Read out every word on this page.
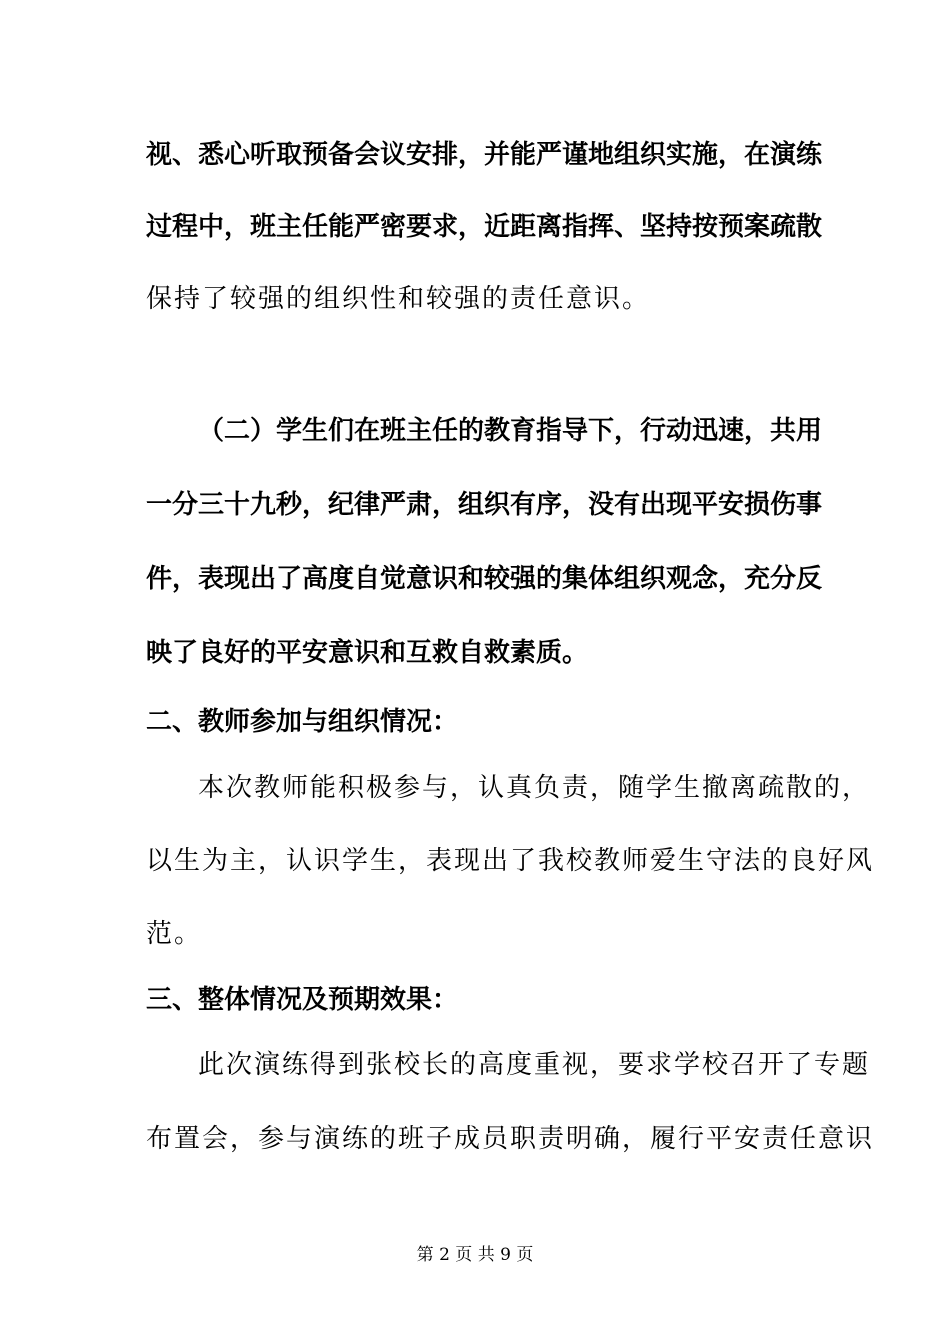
视、悉心听取预备会议安排，并能严谨地组织实施，在演练
过程中，班主任能严密要求，近距离指挥、坚持按预案疏散
保持了较强的组织性和较强的责任意识。
（二）学生们在班主任的教育指导下，行动迅速，共用
一分三十九秒，纪律严肃，组织有序，没有出现平安损伤事
件，表现出了高度自觉意识和较强的集体组织观念，充分反
映了良好的平安意识和互救自救素质。
二、教师参加与组织情况：
本次教师能积极参与，认真负责，随学生撤离疏散的，
以生为主，认识学生，表现出了我校教师爱生守法的良好风
范。
三、整体情况及预期效果：
此次演练得到张校长的高度重视，要求学校召开了专题
布置会，参与演练的班子成员职责明确，履行平安责任意识
第 2 页 共 9 页
